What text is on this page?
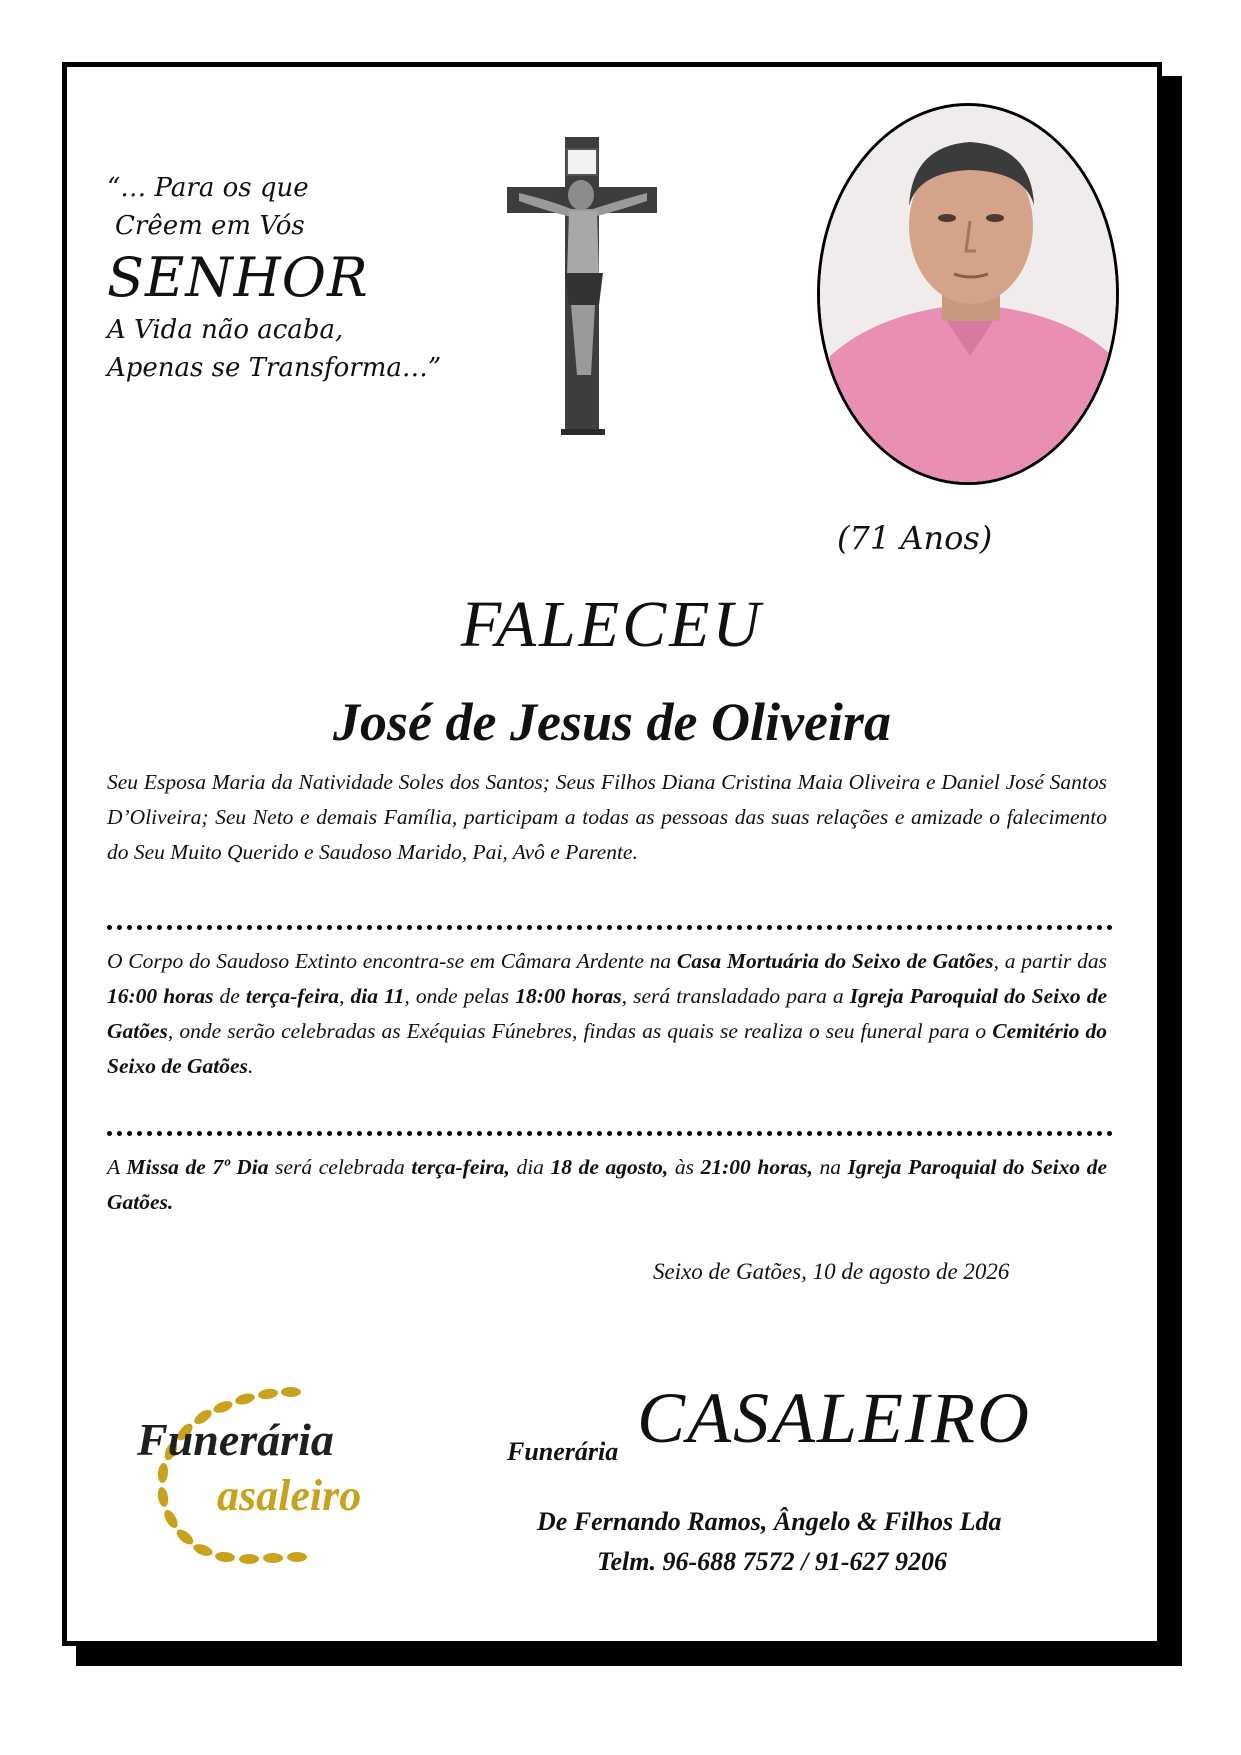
“… Para os que
Crêem em Vós
SENHOR
A Vida não acaba,
Apenas se Transforma…”
(71 Anos)
FALECEU
José de Jesus de Oliveira
Seu Esposa Maria da Natividade Soles dos Santos; Seus Filhos Diana Cristina Maia Oliveira e Daniel José Santos D’Oliveira; Seu Neto e demais Família, participam a todas as pessoas das suas relações e amizade o falecimento do Seu Muito Querido e Saudoso Marido, Pai, Avô e Parente.
O Corpo do Saudoso Extinto encontra-se em Câmara Ardente na Casa Mortuária do Seixo de Gatões, a partir das 16:00 horas de terça-feira, dia 11, onde pelas 18:00 horas, será transladado para a Igreja Paroquial do Seixo de Gatões, onde serão celebradas as Exéquias Fúnebres, findas as quais se realiza o seu funeral para o Cemitério do Seixo de Gatões.
A Missa de 7º Dia será celebrada terça-feira, dia 18 de agosto, às 21:00 horas, na Igreja Paroquial do Seixo de Gatões.
Seixo de Gatões, 10 de agosto de 2026
Funerária
asaleiro
Funerária CASALEIRO
De Fernando Ramos, Ângelo & Filhos Lda
Telm. 96-688 7572 / 91-627 9206
